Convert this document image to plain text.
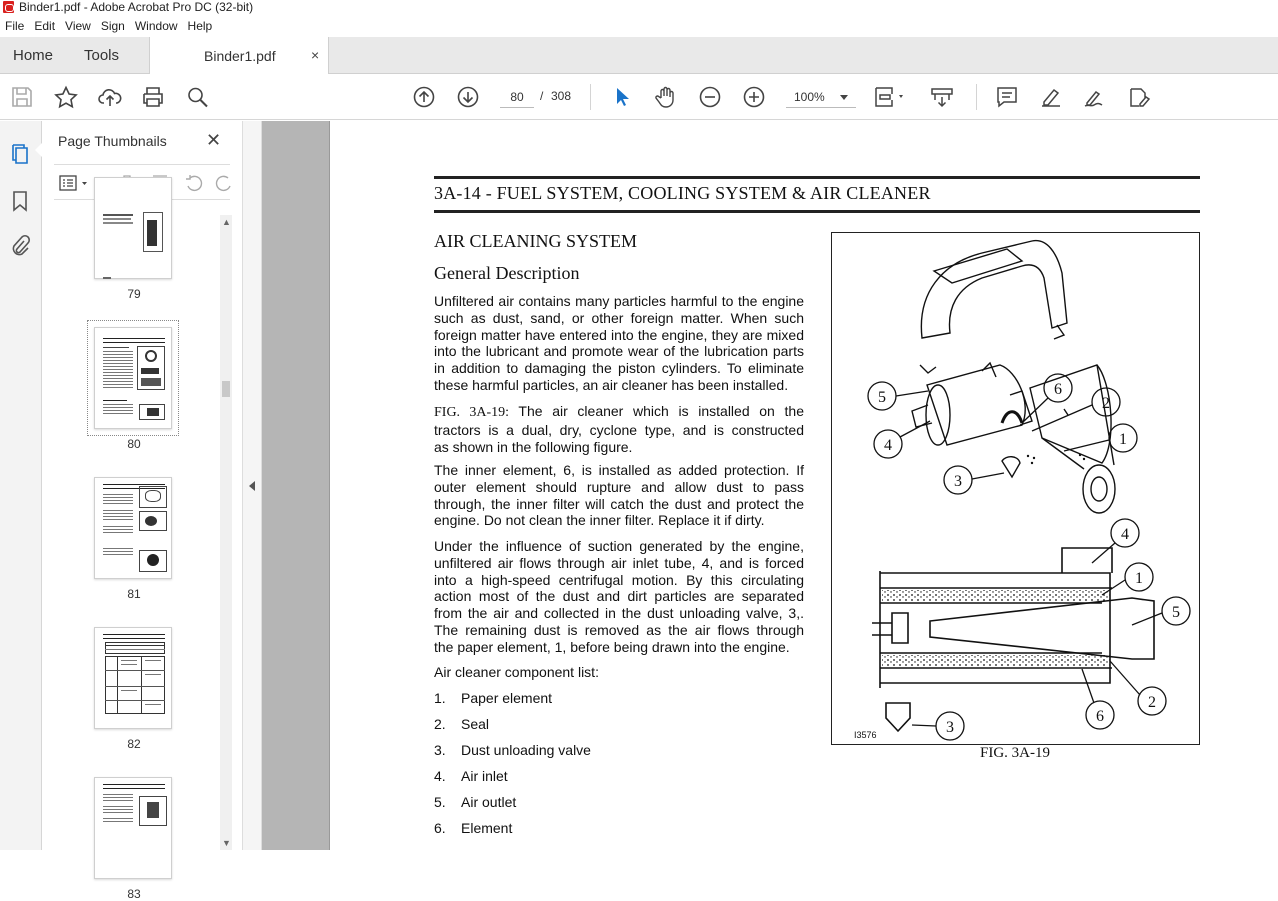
Binder1.pdf - Adobe Acrobat Pro DC (32-bit)
File Edit View Sign Window Help
Home Tools	Binder1.pdf	×
80	/ 308	100%
Page Thumbnails ✕
79
80
81
82
83
▲
▼
3A-14 - FUEL SYSTEM, COOLING SYSTEM & AIR CLEANER
AIR CLEANING SYSTEM
General Description
Unfiltered air contains many particles harmful to the engine
such as dust, sand, or other foreign matter. When such
foreign matter have entered into the engine, they are mixed
into the lubricant and promote wear of the lubrication parts
in addition to damaging the piston cylinders. To eliminate
these harmful particles, an air cleaner has been installed.
FIG. 3A-19: The air cleaner which is installed on the
tractors is a dual, dry, cyclone type, and is constructed
as shown in the following figure.
The inner element, 6, is installed as added protection. If
outer element should rupture and allow dust to pass
through, the inner filter will catch the dust and protect the
engine. Do not clean the inner filter. Replace it if dirty.
Under the influence of suction generated by the engine,
unfiltered air flows through air inlet tube, 4, and is forced
into a high-speed centrifugal motion. By this circulating
action most of the dust and dirt particles are separated
from the air and collected in the dust unloading valve, 3,.
The remaining dust is removed as the air flows through
the paper element, 1, before being drawn into the engine.
Air cleaner component list:
1. Paper element
2. Seal
3. Dust unloading valve
4. Air inlet
5. Air outlet
6. Element
5	6
2
4	1
3
4
1
5
2
6
3
I3576
FIG. 3A-19
